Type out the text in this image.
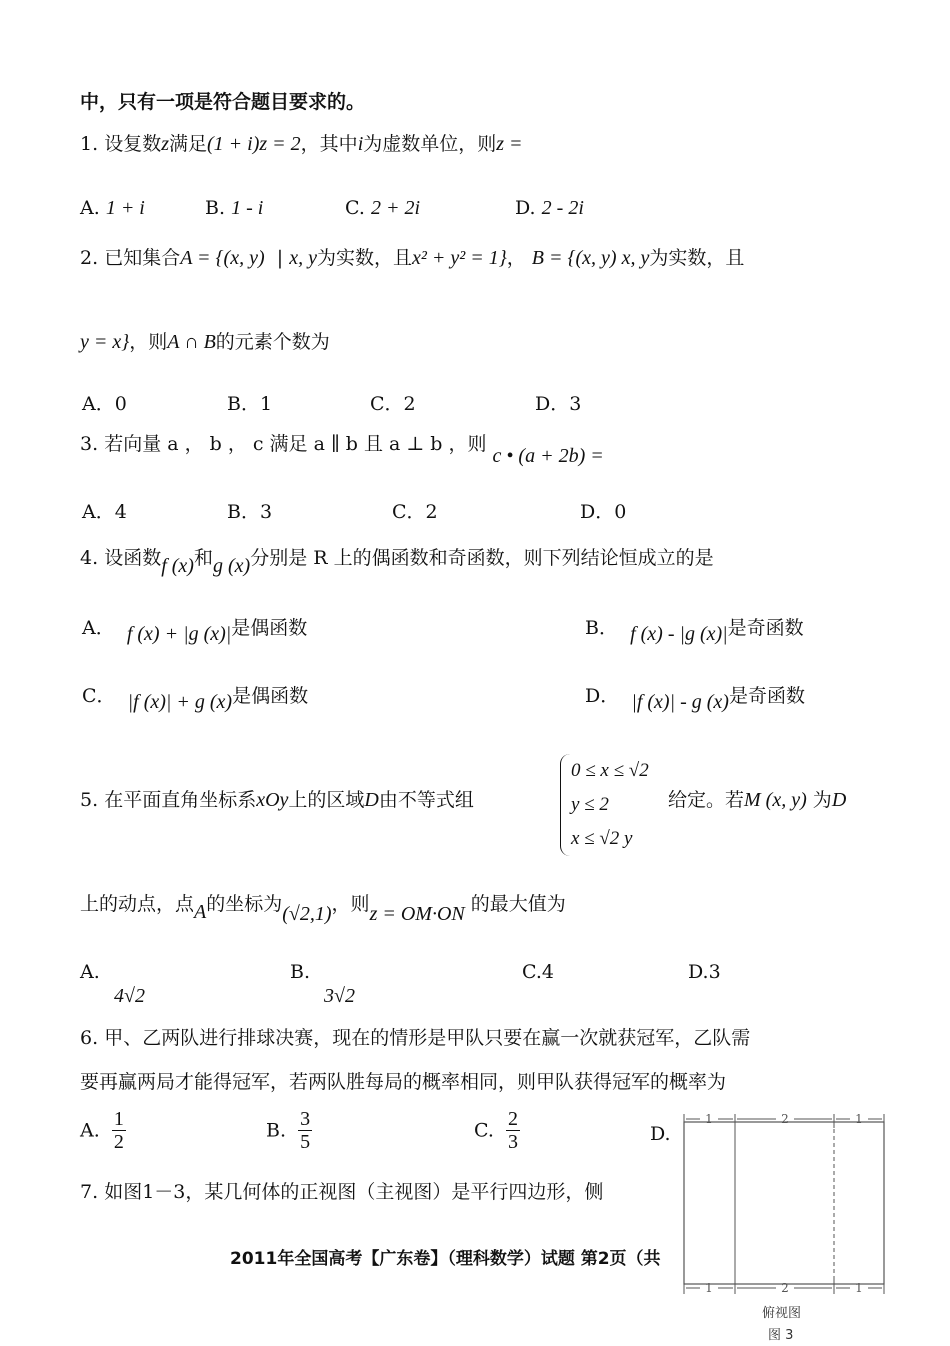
中，只有一项是符合题目要求的。
1. 设复数z满足(1 + i)z = 2，其中i为虚数单位，则z =
A. 1 + i	B. 1 - i	C. 2 + 2i	D. 2 - 2i
2. 已知集合A = {(x, y) | x, y为实数，且x² + y² = 1}， B = {(x, y) x, y为实数，且
y = x}，则A ∩ B的元素个数为
A．0	B．1	C．2	D．3
3. 若向量 a ， b ， c 满足 a ∥ b 且 a ⊥ b ，则 c • (a + 2b) =
A．4	B．3	C．2	D．0
4. 设函数f (x)和g (x)分别是 R 上的偶函数和奇函数，则下列结论恒成立的是
A． f (x) + |g (x)|是偶函数	B． f (x) - |g (x)|是奇函数
C． |f (x)| + g (x)是偶函数	D． |f (x)| - g (x)是奇函数
5. 在平面直角坐标系xOy上的区域D由不等式组
0 ≤ x ≤ √2
y ≤ 2
x ≤ √2 y
给定。若M (x, y) 为D
上的动点，点A的坐标为(√2,1)，则z = OM·ON 的最大值为
A.
4√2
B.
3√2
C.4	D.3
6. 甲、乙两队进行排球决赛，现在的情形是甲队只要在赢一次就获冠军，乙队需
要再赢两局才能得冠军，若两队胜每局的概率相同，则甲队获得冠军的概率为
A. $\frac{1}{2}$	B. $\frac{3}{5}$	C. $\frac{2}{3}$	D.
7. 如图1－3，某几何体的正视图（主视图）是平行四边形，侧
2011年全国高考【广东卷】（理科数学）试题 第2页（共
1	2	1
1	2	1
俯视图
图 3
